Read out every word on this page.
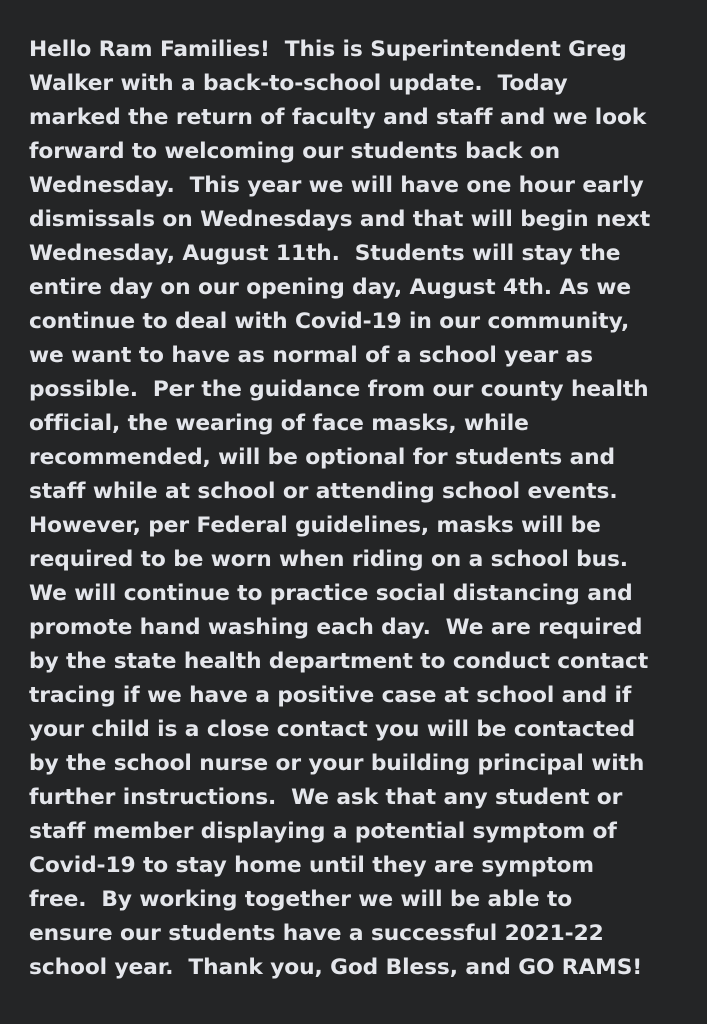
Hello Ram Families!  This is Superintendent Greg
Walker with a back-to-school update.  Today
marked the return of faculty and staff and we look
forward to welcoming our students back on
Wednesday.  This year we will have one hour early
dismissals on Wednesdays and that will begin next
Wednesday, August 11th.  Students will stay the
entire day on our opening day, August 4th. As we
continue to deal with Covid-19 in our community,
we want to have as normal of a school year as
possible.  Per the guidance from our county health
official, the wearing of face masks, while
recommended, will be optional for students and
staff while at school or attending school events.
However, per Federal guidelines, masks will be
required to be worn when riding on a school bus.
We will continue to practice social distancing and
promote hand washing each day.  We are required
by the state health department to conduct contact
tracing if we have a positive case at school and if
your child is a close contact you will be contacted
by the school nurse or your building principal with
further instructions.  We ask that any student or
staff member displaying a potential symptom of
Covid-19 to stay home until they are symptom
free.  By working together we will be able to
ensure our students have a successful 2021-22
school year.  Thank you, God Bless, and GO RAMS!
